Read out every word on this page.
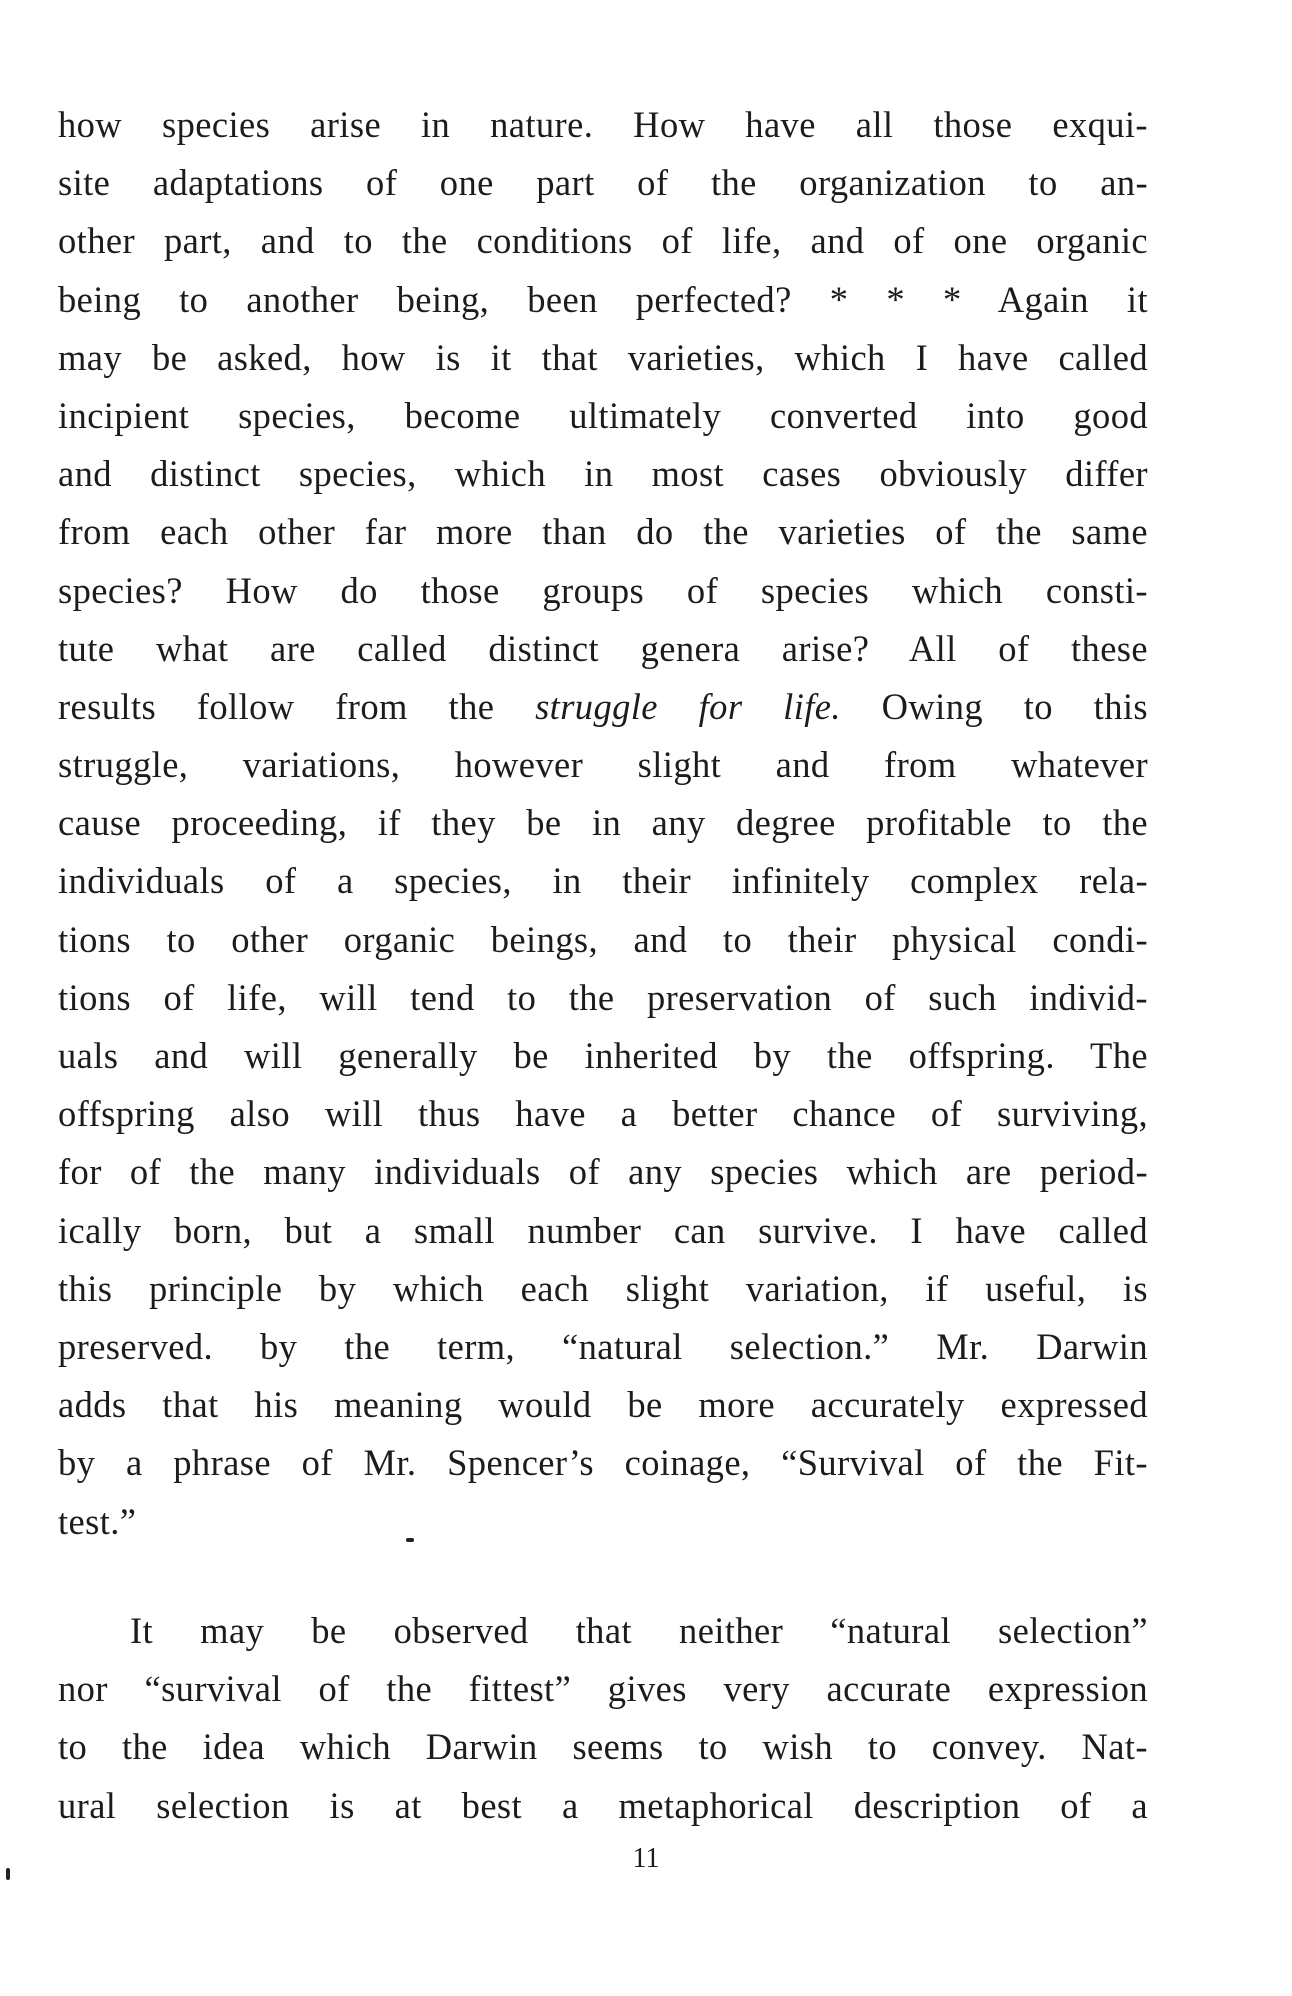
how species arise in nature. How have all those exqui-
site adaptations of one part of the organization to an-
other part, and to the conditions of life, and of one organic
being to another being, been perfected? * * * Again it
may be asked, how is it that varieties, which I have called
incipient species, become ultimately converted into good
and distinct species, which in most cases obviously differ
from each other far more than do the varieties of the same
species? How do those groups of species which consti-
tute what are called distinct genera arise? All of these
results follow from the struggle for life. Owing to this
struggle, variations, however slight and from whatever
cause proceeding, if they be in any degree profitable to the
individuals of a species, in their infinitely complex rela-
tions to other organic beings, and to their physical condi-
tions of life, will tend to the preservation of such individ-
uals and will generally be inherited by the offspring. The
offspring also will thus have a better chance of surviving,
for of the many individuals of any species which are period-
ically born, but a small number can survive. I have called
this principle by which each slight variation, if useful, is
preserved. by the term, “natural selection.” Mr. Darwin
adds that his meaning would be more accurately expressed
by a phrase of Mr. Spencer’s coinage, “Survival of the Fit-
test.”
It may be observed that neither “natural selection”
nor “survival of the fittest” gives very accurate expression
to the idea which Darwin seems to wish to convey. Nat-
ural selection is at best a metaphorical description of a
11
